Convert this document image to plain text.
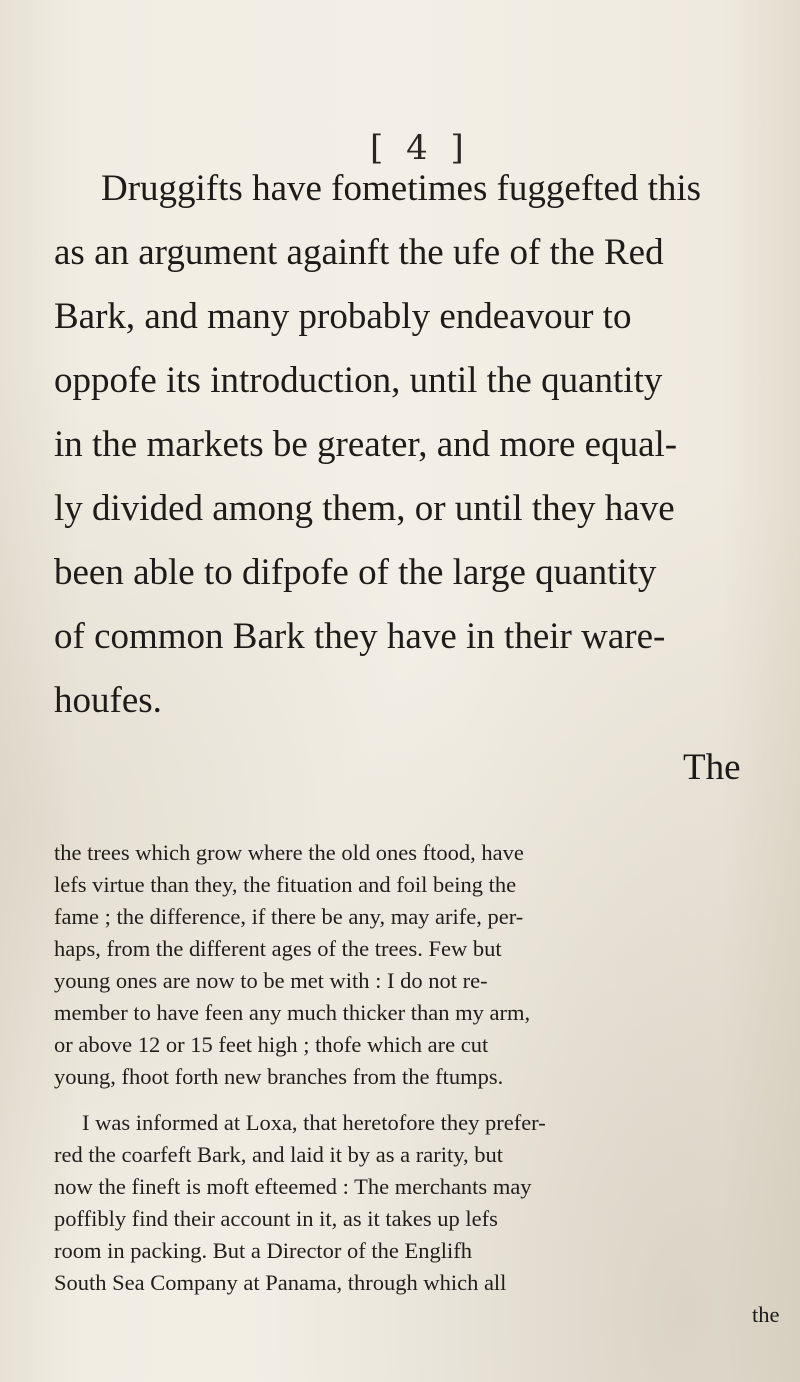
[ 4 ]
Druggifts have fometimes fuggefted this
as an argument againft the ufe of the Red
Bark, and many probably endeavour to
oppofe its introduction, until the quantity
in the markets be greater, and more equal-
ly divided among them, or until they have
been able to difpofe of the large quantity
of common Bark they have in their ware-
houfes.
The
the trees which grow where the old ones ftood, have
lefs virtue than they, the fituation and foil being the
fame ; the difference, if there be any, may arife, per-
haps, from the different ages of the trees. Few but
young ones are now to be met with : I do not re-
member to have feen any much thicker than my arm,
or above 12 or 15 feet high ; thofe which are cut
young, fhoot forth new branches from the ftumps.
I was informed at Loxa, that heretofore they prefer-
red the coarfeft Bark, and laid it by as a rarity, but
now the fineft is moft efteemed : The merchants may
poffibly find their account in it, as it takes up lefs
room in packing. But a Director of the Englifh
South Sea Company at Panama, through which all
the
